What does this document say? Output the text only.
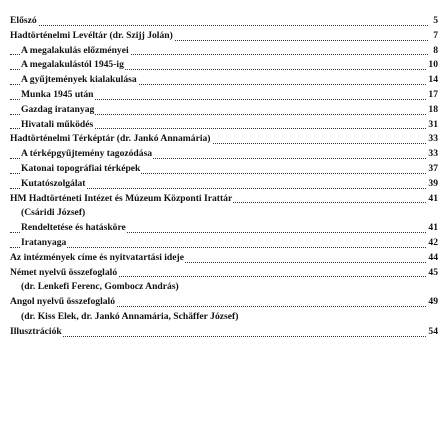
Előszó	5
Hadtörténelmi Levéltár (dr. Szijj Jolán)	7
A megalakulás előzményei	8
A megalakulástól 1945-ig	10
A gyűjtemények kialakulása	14
Munka 1945 után	17
Gazdag iratanyag	18
Hivatali működés	31
Hadtörténelmi Térképtár (dr. Jankó Annamária)	33
A térképgyűjtemény tagozódása	33
Katonai topográfiai térképek	37
Kutatószolgálat	39
HM Hadtörténeti Intézet és Múzeum Központi Irattár	41
(Csáridi József)
Rendeltetése és hatásköre	41
Iratanyaga	42
Az intézmények címe és nyitvatartási ideje	44
Német nyelvű összefoglaló	45
(dr. Lenkefi Ferenc, Gombocz András)
Angol nyelvű összefoglaló	49
(dr. Kiss Elek, dr. Jankó Annamária, Schäffer József)
Illusztrációk	54
